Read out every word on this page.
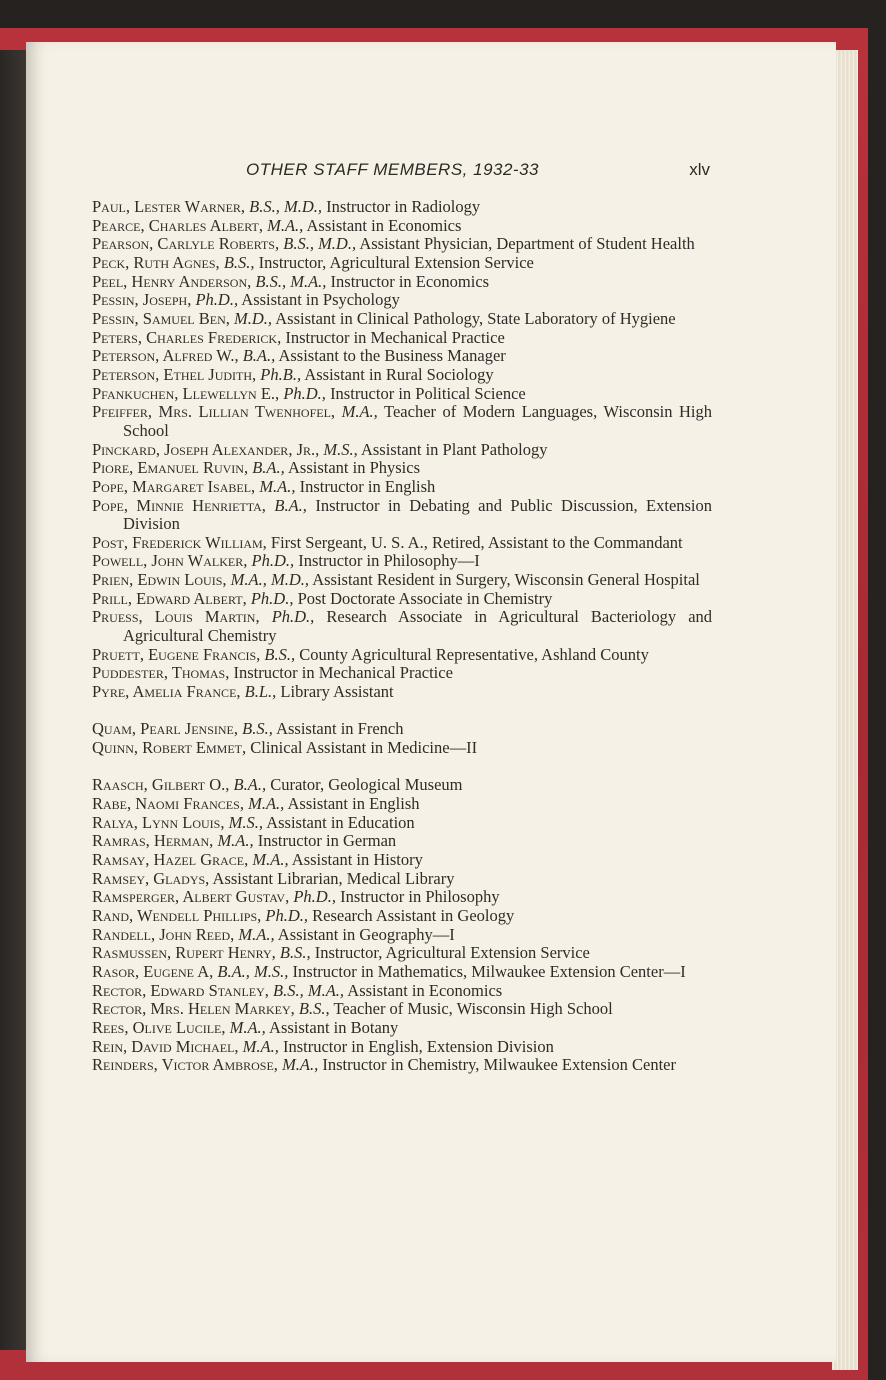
OTHER STAFF MEMBERS, 1932-33	xlv
Paul, Lester Warner, B.S., M.D., Instructor in Radiology
Pearce, Charles Albert, M.A., Assistant in Economics
Pearson, Carlyle Roberts, B.S., M.D., Assistant Physician, Department of Student Health
Peck, Ruth Agnes, B.S., Instructor, Agricultural Extension Service
Peel, Henry Anderson, B.S., M.A., Instructor in Economics
Pessin, Joseph, Ph.D., Assistant in Psychology
Pessin, Samuel Ben, M.D., Assistant in Clinical Pathology, State Laboratory of Hygiene
Peters, Charles Frederick, Instructor in Mechanical Practice
Peterson, Alfred W., B.A., Assistant to the Business Manager
Peterson, Ethel Judith, Ph.B., Assistant in Rural Sociology
Pfankuchen, Llewellyn E., Ph.D., Instructor in Political Science
Pfeiffer, Mrs. Lillian Twenhofel, M.A., Teacher of Modern Languages, Wisconsin High School
Pinckard, Joseph Alexander, Jr., M.S., Assistant in Plant Pathology
Piore, Emanuel Ruvin, B.A., Assistant in Physics
Pope, Margaret Isabel, M.A., Instructor in English
Pope, Minnie Henrietta, B.A., Instructor in Debating and Public Discussion, Extension Division
Post, Frederick William, First Sergeant, U. S. A., Retired, Assistant to the Commandant
Powell, John Walker, Ph.D., Instructor in Philosophy—I
Prien, Edwin Louis, M.A., M.D., Assistant Resident in Surgery, Wisconsin General Hospital
Prill, Edward Albert, Ph.D., Post Doctorate Associate in Chemistry
Pruess, Louis Martin, Ph.D., Research Associate in Agricultural Bacteriology and Agricultural Chemistry
Pruett, Eugene Francis, B.S., County Agricultural Representative, Ashland County
Puddester, Thomas, Instructor in Mechanical Practice
Pyre, Amelia France, B.L., Library Assistant
Quam, Pearl Jensine, B.S., Assistant in French
Quinn, Robert Emmet, Clinical Assistant in Medicine—II
Raasch, Gilbert O., B.A., Curator, Geological Museum
Rabe, Naomi Frances, M.A., Assistant in English
Ralya, Lynn Louis, M.S., Assistant in Education
Ramras, Herman, M.A., Instructor in German
Ramsay, Hazel Grace, M.A., Assistant in History
Ramsey, Gladys, Assistant Librarian, Medical Library
Ramsperger, Albert Gustav, Ph.D., Instructor in Philosophy
Rand, Wendell Phillips, Ph.D., Research Assistant in Geology
Randell, John Reed, M.A., Assistant in Geography—I
Rasmussen, Rupert Henry, B.S., Instructor, Agricultural Extension Service
Rasor, Eugene A, B.A., M.S., Instructor in Mathematics, Milwaukee Extension Center—I
Rector, Edward Stanley, B.S., M.A., Assistant in Economics
Rector, Mrs. Helen Markey, B.S., Teacher of Music, Wisconsin High School
Rees, Olive Lucile, M.A., Assistant in Botany
Rein, David Michael, M.A., Instructor in English, Extension Division
Reinders, Victor Ambrose, M.A., Instructor in Chemistry, Milwaukee Extension Center
